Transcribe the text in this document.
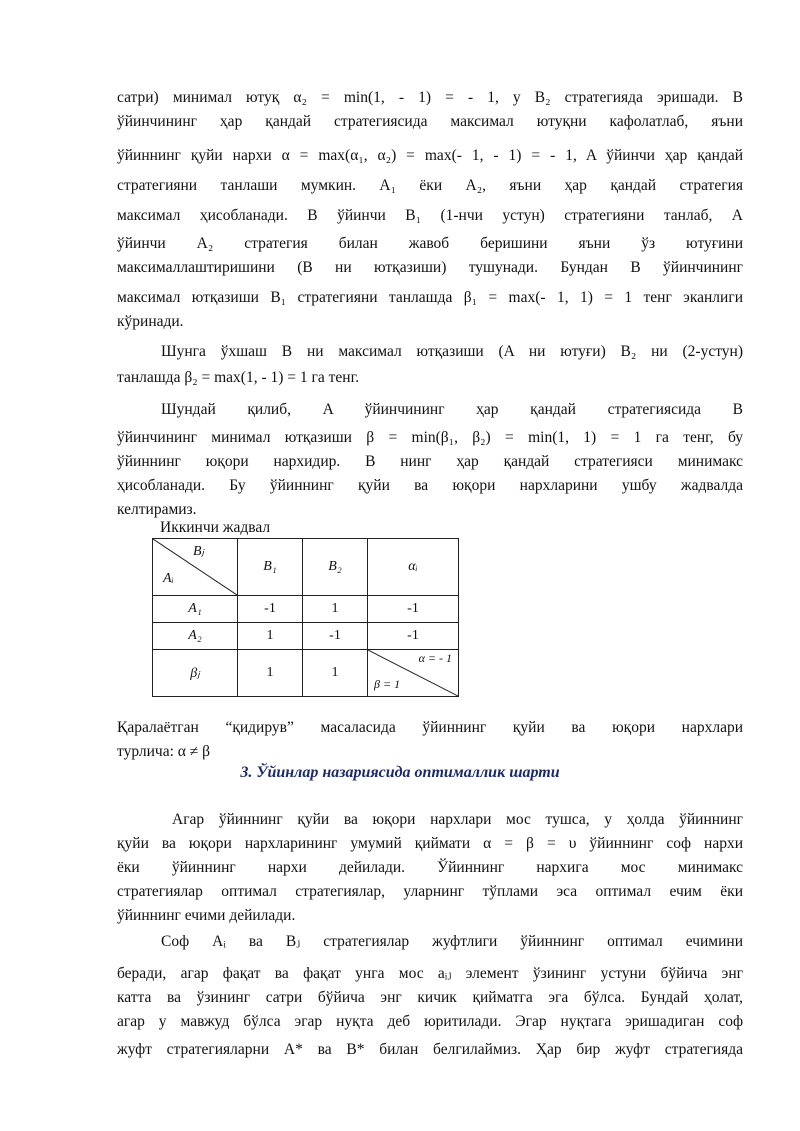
сатри) минимал ютуқ α₂ = min(1, - 1) = - 1, у B₂ стратегияда эришади. B
ўйинчининг ҳар қандай стратегиясида максимал ютуқни кафолатлаб, яъни
ўйиннинг қуйи нархи α = max(α₁, α₂) = max(- 1, - 1) = - 1, A ўйинчи ҳар қандай
стратегияни танлаши мумкин. A₁ ёки A₂, яъни ҳар қандай стратегия
максимал ҳисобланади. B ўйинчи B₁ (1-нчи устун) стратегияни танлаб, A
ўйинчи A₂ стратегия билан жавоб беришини яъни ўз ютуғини
максималлаштиришини (B ни ютқазиши) тушунади. Бундан B ўйинчининг
максимал ютқазиши B₁ стратегияни танлашда β₁ = max(- 1, 1) = 1 тенг эканлиги
кўринади.
Шунга ўхшаш B ни максимал ютқазиши (A ни ютуғи) B₂ ни (2-устун)
танлашда β₂ = max(1, - 1) = 1 га тенг.
Шундай қилиб, A ўйинчининг ҳар қандай стратегиясида B
ўйинчининг минимал ютқазиши β = min(β₁, β₂) = min(1, 1) = 1 га тенг, бу
ўйиннинг юқори нархидир. B нинг ҳар қандай стратегияси минимакс
ҳисобланади. Бу ўйиннинг қуйи ва юқори нархларини ушбу жадвалда
келтирамиз.
Иккинчи жадвал
Bⱼ
Aᵢ	B₁	B₂	αᵢ
A₁	-1	1	-1
A₂	1	-1	-1
βⱼ	1	1	α = - 1
β = 1
Қаралаётган “қидирув” масаласида ўйиннинг қуйи ва юқори нархлари
турлича: α ≠ β
3. Ўйинлар назариясида оптималлик шарти
Агар ўйиннинг қуйи ва юқори нархлари мос тушса, у ҳолда ўйиннинг
қуйи ва юқори нархларининг умумий қиймати α = β = υ ўйиннинг соф нархи
ёки ўйиннинг нархи дейилади. Ўйиннинг нархига мос минимакс
стратегиялар оптимал стратегиялар, уларнинг тўплами эса оптимал ечим ёки
ўйиннинг ечими дейилади.
Соф Aᵢ ва Bⱼ стратегиялар жуфтлиги ўйиннинг оптимал ечимини
беради, агар фақат ва фақат унга мос aᵢⱼ элемент ўзининг устуни бўйича энг
катта ва ўзининг сатри бўйича энг кичик қийматга эга бўлса. Бундай ҳолат,
агар у мавжуд бўлса эгар нуқта деб юритилади. Эгар нуқтага эришадиган соф
жуфт стратегияларни A* ва B* билан белгилаймиз. Ҳар бир жуфт стратегияда
